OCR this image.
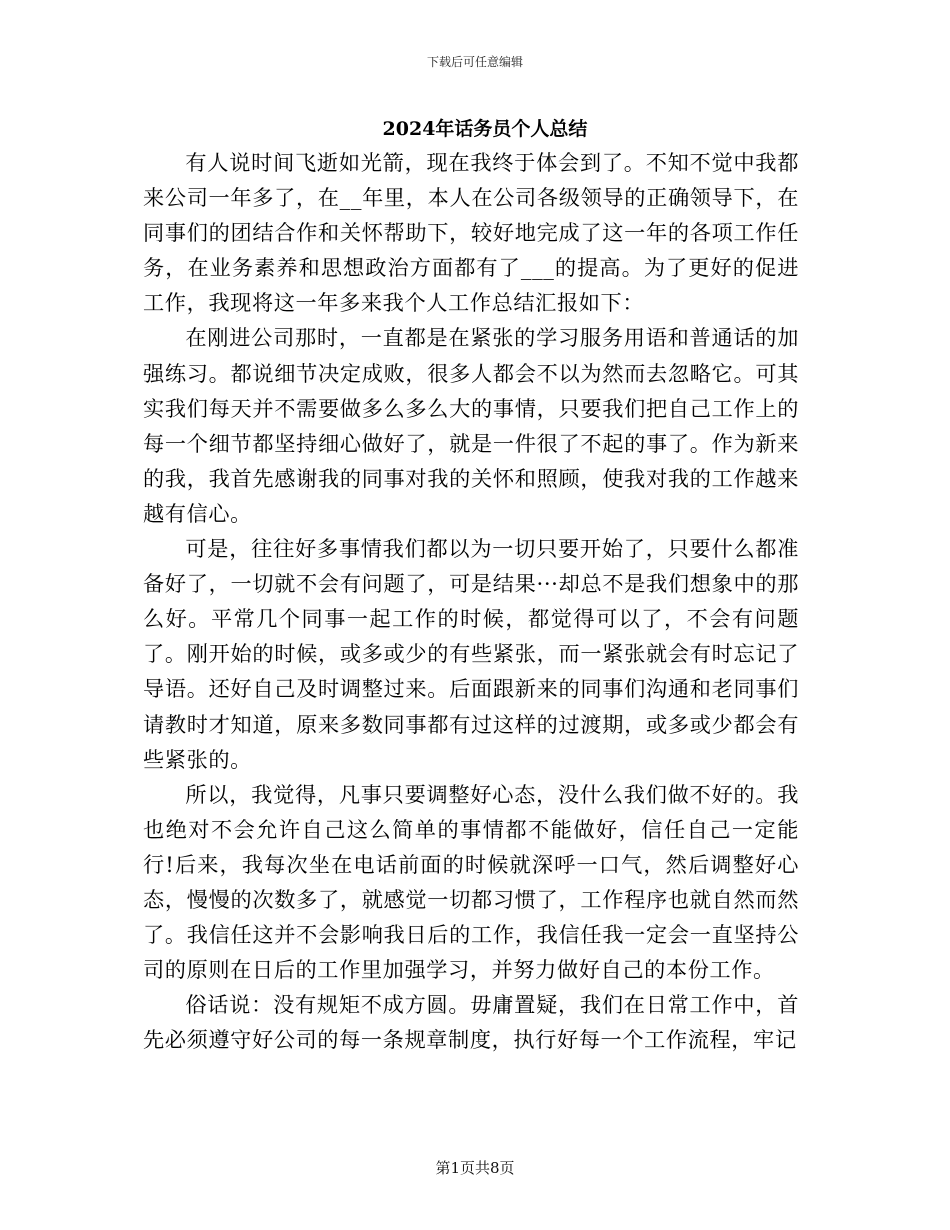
下载后可任意编辑
2024年话务员个人总结

有人说时间飞逝如光箭，现在我终于体会到了。不知不觉中我都来公司一年多了，在__年里，本人在公司各级领导的正确领导下，在同事们的团结合作和关怀帮助下，较好地完成了这一年的各项工作任务，在业务素养和思想政治方面都有了___的提高。为了更好的促进工作，我现将这一年多来我个人工作总结汇报如下：

在刚进公司那时，一直都是在紧张的学习服务用语和普通话的加强练习。都说细节决定成败，很多人都会不以为然而去忽略它。可其实我们每天并不需要做多么多么大的事情，只要我们把自己工作上的每一个细节都坚持细心做好了，就是一件很了不起的事了。作为新来的我，我首先感谢我的同事对我的关怀和照顾，使我对我的工作越来越有信心。

可是，往往好多事情我们都以为一切只要开始了，只要什么都准备好了，一切就不会有问题了，可是结果···却总不是我们想象中的那么好。平常几个同事一起工作的时候，都觉得可以了，不会有问题了。刚开始的时候，或多或少的有些紧张，而一紧张就会有时忘记了导语。还好自己及时调整过来。后面跟新来的同事们沟通和老同事们请教时才知道，原来多数同事都有过这样的过渡期，或多或少都会有些紧张的。

所以，我觉得，凡事只要调整好心态，没什么我们做不好的。我也绝对不会允许自己这么简单的事情都不能做好，信任自己一定能行!后来，我每次坐在电话前面的时候就深呼一口气，然后调整好心态，慢慢的次数多了，就感觉一切都习惯了，工作程序也就自然而然了。我信任这并不会影响我日后的工作，我信任我一定会一直坚持公司的原则在日后的工作里加强学习，并努力做好自己的本份工作。

俗话说：没有规矩不成方圆。毋庸置疑，我们在日常工作中，首先必须遵守好公司的每一条规章制度，执行好每一个工作流程，牢记

第1页共8页
